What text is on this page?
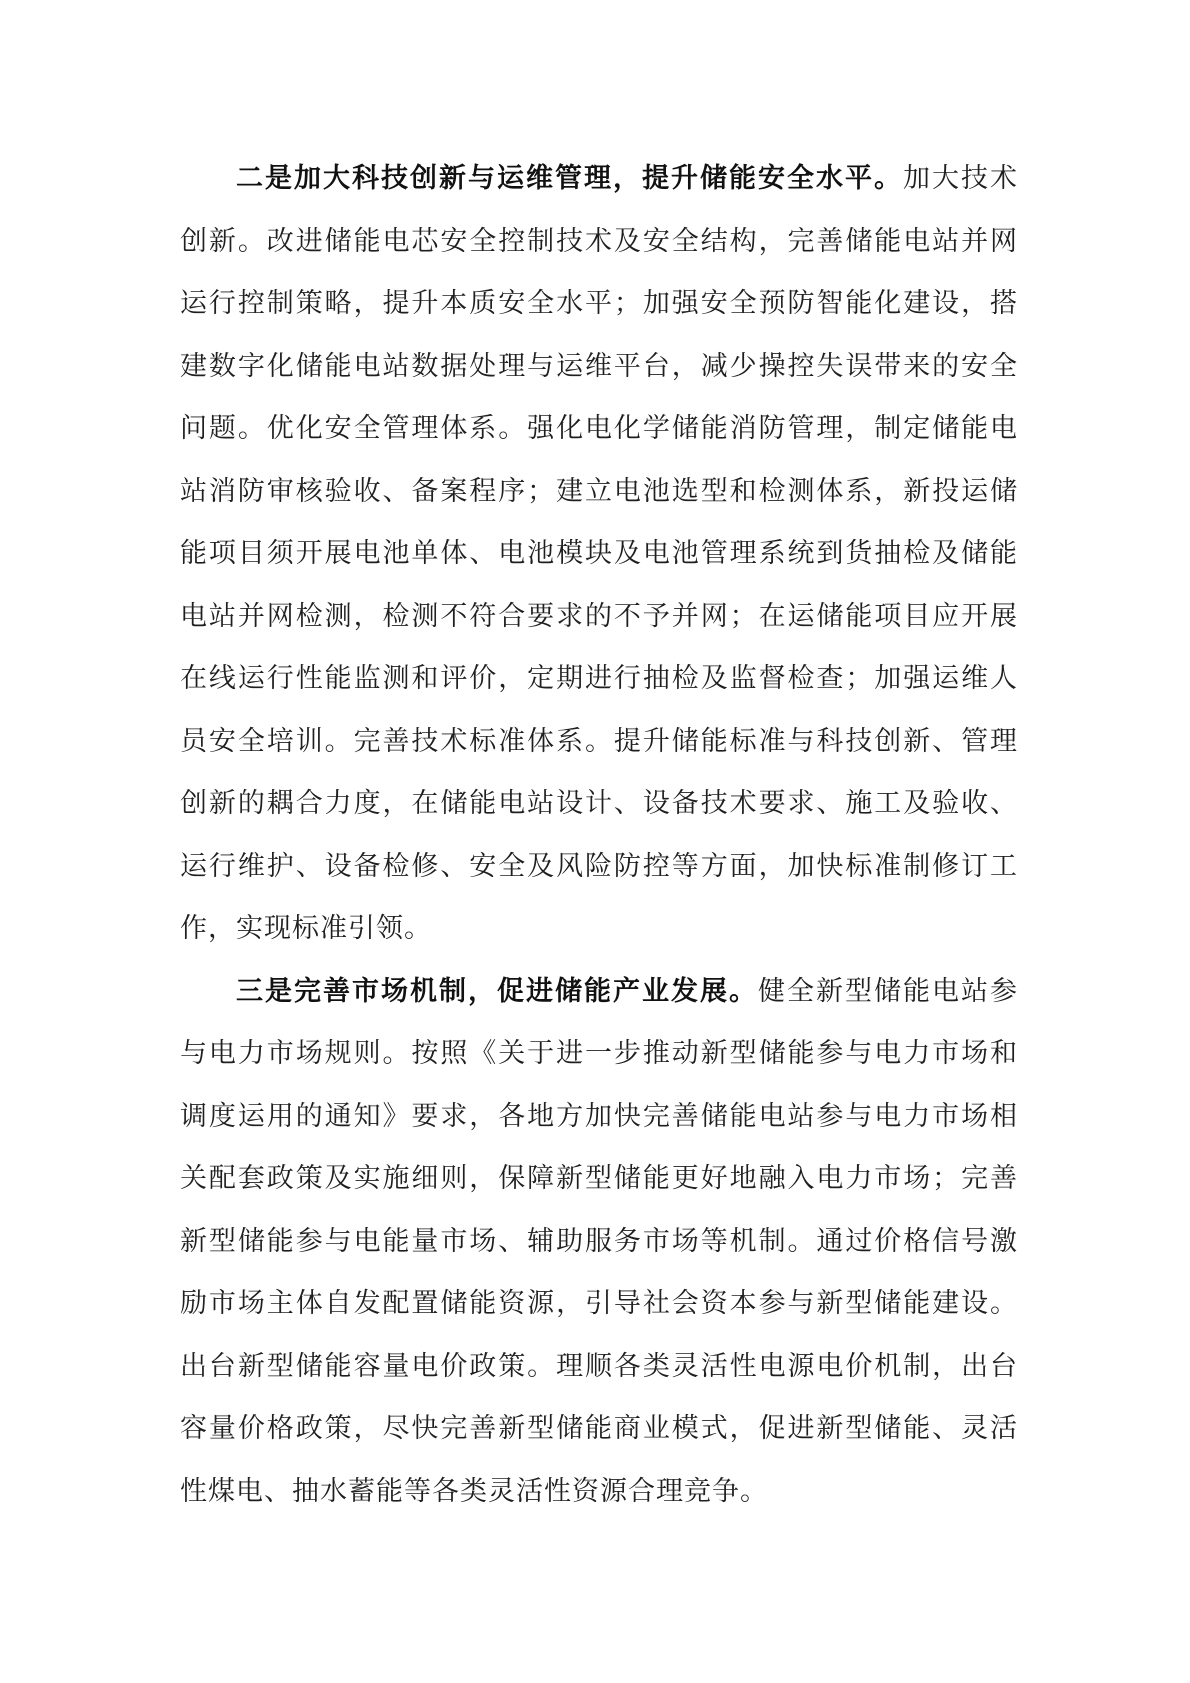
二是加大科技创新与运维管理，提升储能安全水平。加大技术创新。改进储能电芯安全控制技术及安全结构，完善储能电站并网运行控制策略，提升本质安全水平；加强安全预防智能化建设，搭建数字化储能电站数据处理与运维平台，减少操控失误带来的安全问题。优化安全管理体系。强化电化学储能消防管理，制定储能电站消防审核验收、备案程序；建立电池选型和检测体系，新投运储能项目须开展电池单体、电池模块及电池管理系统到货抽检及储能电站并网检测，检测不符合要求的不予并网；在运储能项目应开展在线运行性能监测和评价，定期进行抽检及监督检查；加强运维人员安全培训。完善技术标准体系。提升储能标准与科技创新、管理创新的耦合力度，在储能电站设计、设备技术要求、施工及验收、运行维护、设备检修、安全及风险防控等方面，加快标准制修订工作，实现标准引领。

三是完善市场机制，促进储能产业发展。健全新型储能电站参与电力市场规则。按照《关于进一步推动新型储能参与电力市场和调度运用的通知》要求，各地方加快完善储能电站参与电力市场相关配套政策及实施细则，保障新型储能更好地融入电力市场；完善新型储能参与电能量市场、辅助服务市场等机制。通过价格信号激励市场主体自发配置储能资源，引导社会资本参与新型储能建设。出台新型储能容量电价政策。理顺各类灵活性电源电价机制，出台容量价格政策，尽快完善新型储能商业模式，促进新型储能、灵活性煤电、抽水蓄能等各类灵活性资源合理竞争。
